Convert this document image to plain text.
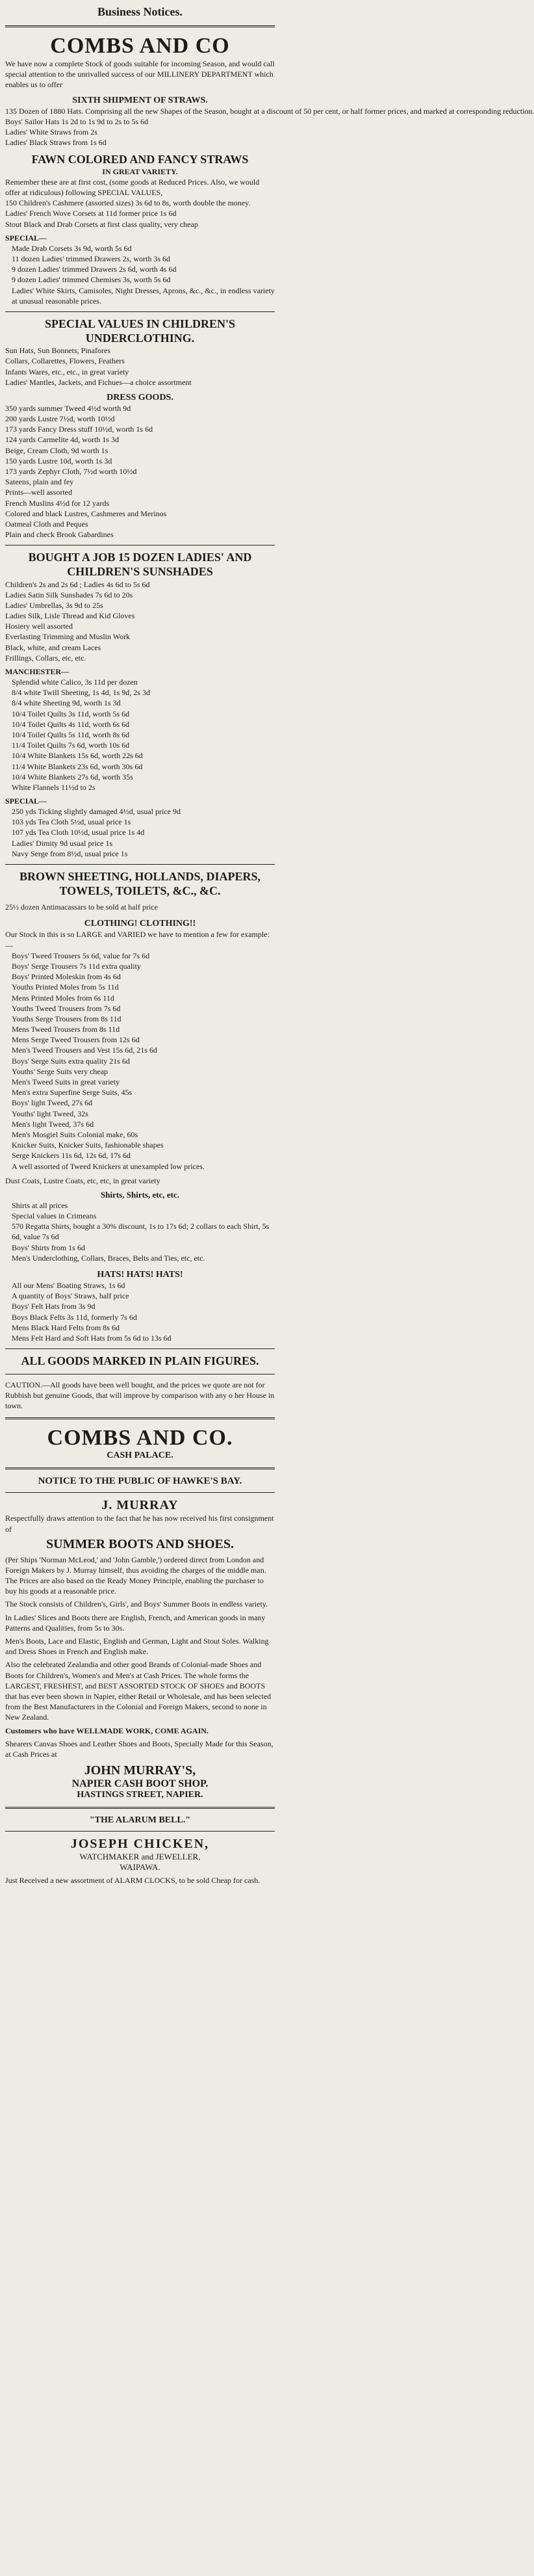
Business Notices.
COMBS AND CO

We have now a complete Stock of goods suitable for incoming Season, and would call special attention to the unrivalled success of our MILLINERY DEPARTMENT which enables us to offer

SIXTH SHIPMENT OF STRAWS.
135 Dozen of 1880 Hats. Comprising all the new Shapes of the Season, bought at a discount of 50 per cent, or half former prices, and marked at corresponding reduction.
Boys' Sailor Hats 1s 2d to 1s 9d to 2s to 5s 6d
Ladies' White Straws from 2s
Ladies' Black Straws from 1s 6d
FAWN COLORED AND FANCY STRAWS
IN GREAT VARIETY.
Remember these are at first cost, (some goods at Reduced Prices. Also, we would offer at ridiculous) following SPECIAL VALUES,
150 Children's Cashmere (assorted sizes) 3s 6d to 8s, worth double the money.
Ladies' French Wove Corsets at 11d former price 1s 6d
Stout Black and Drab Corsets at first class quality, very cheap
SPECIAL—
Made Drab Corsets 3s 9d, worth 5s 6d
11 dozen Ladies' trimmed Drawers 2s, worth 3s 6d
9 dozen Ladies' trimmed Drawers 2s 6d, worth 4s 6d
9 dozen Ladies' trimmed Chemises 3s, worth 5s 6d
Ladies' White Skirts, Camisoles, Night Dresses, Aprons, &c., &c., in endless variety at unusual reasonable prices.
SPECIAL VALUES IN CHILDREN'S UNDERCLOTHING.
Sun Hats, Sun Bonnets, Pinafores
Collars, Collarettes, Flowers, Feathers
Infants Wares, etc., etc., in great variety
Ladies' Mantles, Jackets, and Fichues—a choice assortment
DRESS GOODS.
350 yards summer Tweed 4½d worth 9d
200 yards Lustre 7½d, worth 10½d
173 yards Fancy Dress stuff 10½d, worth 1s 6d
124 yards Carmelite 4d, worth 1s 3d
Beige, Cream Cloth, 9d worth 1s
150 yards Lustre 10d, worth 1s 3d
173 yards Zephyr Cloth, 7½d worth 10½d
Sateens, plain and fey
Prints—well assorted
French Muslins 4½d for 12 yards
Colored and black Lustres, Cashmeres and Merinos
Oatmeal Cloth and Peques
Plain and check Brook Gabardines
BOUGHT A JOB 15 DOZEN LADIES' AND CHILDREN'S SUNSHADES
Children's 2s and 2s 6d ; Ladies 4s 6d to 5s 6d
Ladies Satin Silk Sunshades 7s 6d to 20s
Ladies' Umbrellas, 3s 9d to 25s
Ladies Silk, Lisle Thread and Kid Gloves
Hosiery well assorted
Everlasting Trimming and Muslin Work
Black, white, and cream Laces
Frillings, Collars, etc, etc.
MANCHESTER—
Splendid white Calico, 3s 11d per dozen
8/4 white Twill Sheeting, 1s 4d, 1s 9d, 2s 3d
8/4 white Sheeting 9d, worth 1s 3d
10/4 Toilet Quilts 3s 11d, worth 5s 6d
10/4 Toilet Quilts 4s 11d, worth 6s 6d
10/4 Toilet Quilts 5s 11d, worth 8s 6d
11/4 Toilet Quilts 7s 6d, worth 10s 6d
10/4 White Blankets 15s 6d, worth 22s 6d
11/4 White Blankets 23s 6d, worth 30s 6d
10/4 White Blankets 27s 6d, worth 35s
White Flannels 11½d to 2s
SPECIAL—
250 yds Ticking slightly damaged 4½d, usual price 9d
103 yds Tea Cloth 5½d, usual price 1s
107 yds Tea Cloth 10½d, usual price 1s 4d
Ladies' Dimity 9d usual price 1s
Navy Serge from 8½d, usual price 1s
BROWN SHEETING, HOLLANDS, DIAPERS, TOWELS, TOILETS, &C., &C.
25½ dozen Antimacassars to be sold at half price
CLOTHING! CLOTHING!!
Our Stock in this is so LARGE and VARIED we have to mention a few for example:—
Boys' Tweed Trousers 5s 6d, value for 7s 6d
Boys' Serge Trousers 7s 11d extra quality
Boys' Printed Moleskin from 4s 6d
Youths Printed Moles from 5s 11d
Mens Printed Moles from 6s 11d
Youths Tweed Trousers from 7s 6d
Youths Serge Trousers from 8s 11d
Mens Tweed Trousers from 8s 11d
Mens Serge Tweed Trousers from 12s 6d
Men's Tweed Trousers and Vest 15s 6d, 21s 6d
Boys' Serge Suits extra quality 21s 6d
Youths' Serge Suits very cheap
Men's Tweed Suits in great variety
Men's extra Superfine Serge Suits, 45s
Boys' light Tweed, 27s 6d
Youths' light Tweed, 32s
Men's light Tweed, 37s 6d
Men's Mosgiel Suits Colonial make, 60s
Knicker Suits, Knicker Suits, fashionable shapes
Serge Knickers 11s 6d, 12s 6d, 17s 6d
A well assorted of Tweed Knickers at unexampled low prices.
Dust Coats, Lustre Coats, etc, etc, in great variety
Shirts, Shirts, etc, etc.
Shirts at all prices
Special values in Crimeans
570 Regatta Shirts, bought a 30% discount, 1s to 17s 6d; 2 collars to each Shirt, 5s 6d, value 7s 6d
Boys' Shirts from 1s 6d
Men's Underclothing, Collars, Braces, Belts and Ties, etc, etc.
HATS! HATS! HATS!
All our Mens' Boating Straws, 1s 6d
A quantity of Boys' Straws, half price
Boys' Felt Hats from 3s 9d
Boys Black Felts 3s 11d, formerly 7s 6d
Mens Black Hard Felts from 8s 6d
Mens Felt Hard and Soft Hats from 5s 6d to 13s 6d
ALL GOODS MARKED IN PLAIN FIGURES.

CAUTION.—All goods have been well bought, and the prices we quote are not for Rubbish but genuine Goods, that will improve by comparison with any o her House in town.

COMBS AND CO.
CASH PALACE.
NOTICE TO THE PUBLIC OF HAWKE'S BAY.
J. MURRAY

Respectfully draws attention to the fact that he has now received his first consignment of

SUMMER BOOTS AND SHOES.

(Per Ships 'Norman McLeod,' and 'John Gamble,') ordered direct from London and Foreign Makers by J. Murray himself, thus avoiding the charges of the middle man. The Prices are also based on the Ready Money Principle, enabling the purchaser to buy his goods at a reasonable price.

The Stock consists of Children's, Girls', and Boys' Summer Boots in endless variety.

In Ladies' Slices and Boots there are English, French, and American goods in many Patterns and Qualities, from 5s to 30s.

Men's Boots, Lace and Elastic, English and German, Light and Stout Soles. Walking and Dress Shoes in French and English make.

Also the celebrated Zealandia and other good Brands of Colonial-made Shoes and Boots for Children's, Women's and Men's at Cash Prices. The whole forms the LARGEST, FRESHEST, and BEST ASSORTED STOCK OF SHOES and BOOTS that has ever been shown in Napier, either Retail or Wholesale, and has been selected from the Best Manufacturers in the Colonial and Foreign Makers, second to none in New Zealand.

Customers who have WELLMADE WORK, COME AGAIN.

Shearers Canvas Shoes and Leather Shoes and Boots, Specially Made for this Season, at Cash Prices at

JOHN MURRAY'S,
NAPIER CASH BOOT SHOP.
HASTINGS STREET, NAPIER.
"THE ALARUM BELL."
JOSEPH CHICKEN,
WATCHMAKER and JEWELLER,
WAIPAWA.

Just Received a new assortment of ALARM CLOCKS, to be sold Cheap for cash.
